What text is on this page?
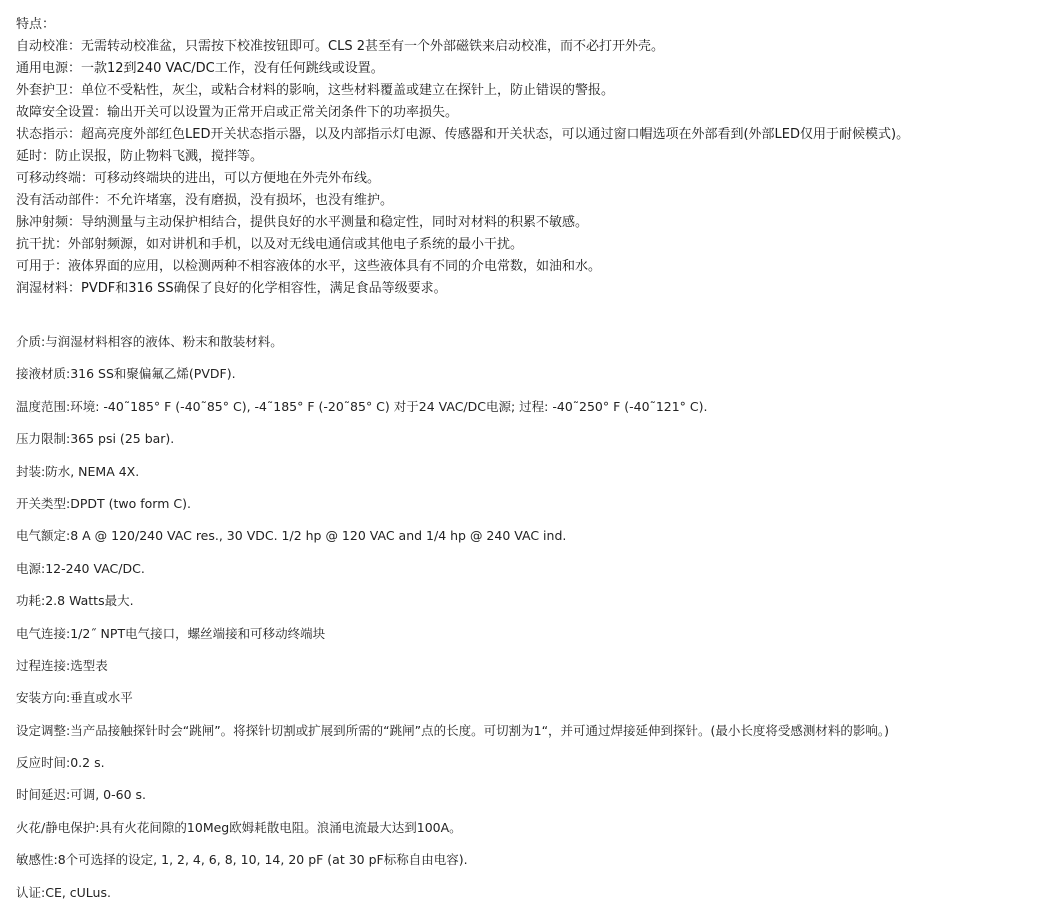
特点：
自动校准：无需转动校准盆，只需按下校准按钮即可。CLS 2甚至有一个外部磁铁来启动校准，而不必打开外壳。
通用电源：一款12到240 VAC/DC工作，没有任何跳线或设置。
外套护卫：单位不受粘性，灰尘，或粘合材料的影响，这些材料覆盖或建立在探针上，防止错误的警报。
故障安全设置：输出开关可以设置为正常开启或正常关闭条件下的功率损失。
状态指示：超高亮度外部红色LED开关状态指示器，以及内部指示灯电源、传感器和开关状态，可以通过窗口帽选项在外部看到(外部LED仅用于耐候模式)。
延时：防止误报，防止物料飞溅，搅拌等。
可移动终端：可移动终端块的进出，可以方便地在外壳外布线。
没有活动部件：不允许堵塞，没有磨损，没有损坏，也没有维护。
脉冲射频：导纳测量与主动保护相结合，提供良好的水平测量和稳定性，同时对材料的积累不敏感。
抗干扰：外部射频源，如对讲机和手机，以及对无线电通信或其他电子系统的最小干扰。
可用于：液体界面的应用，以检测两种不相容液体的水平，这些液体具有不同的介电常数，如油和水。
润湿材料：PVDF和316 SS确保了良好的化学相容性，满足食品等级要求。
介质:与润湿材料相容的液体、粉末和散装材料。
接液材质:316 SS和聚偏氟乙烯(PVDF).
温度范围:环境: -40˜185° F (-40˜85° C), -4˜185° F (-20˜85° C) 对于24 VAC/DC电源; 过程: -40˜250° F (-40˜121° C).
压力限制:365 psi (25 bar).
封装:防水, NEMA 4X.
开关类型:DPDT (two form C).
电气额定:8 A @ 120/240 VAC res., 30 VDC. 1/2 hp @ 120 VAC and 1/4 hp @ 240 VAC ind.
电源:12-240 VAC/DC.
功耗:2.8 Watts最大.
电气连接:1/2˝ NPT电气接口，螺丝端接和可移动终端块
过程连接:选型表
安装方向:垂直或水平
设定调整:当产品接触探针时会“跳闸”。将探针切割或扩展到所需的“跳闸”点的长度。可切割为1“，并可通过焊接延伸到探针。(最小长度将受感测材料的影响。)
反应时间:0.2 s.
时间延迟:可调, 0-60 s.
火花/静电保护:具有火花间隙的10Meg欧姆耗散电阻。浪涌电流最大达到100A。
敏感性:8个可选择的设定, 1, 2, 4, 6, 8, 10, 14, 20 pF (at 30 pF标称自由电容).
认证:CE, cULus.
